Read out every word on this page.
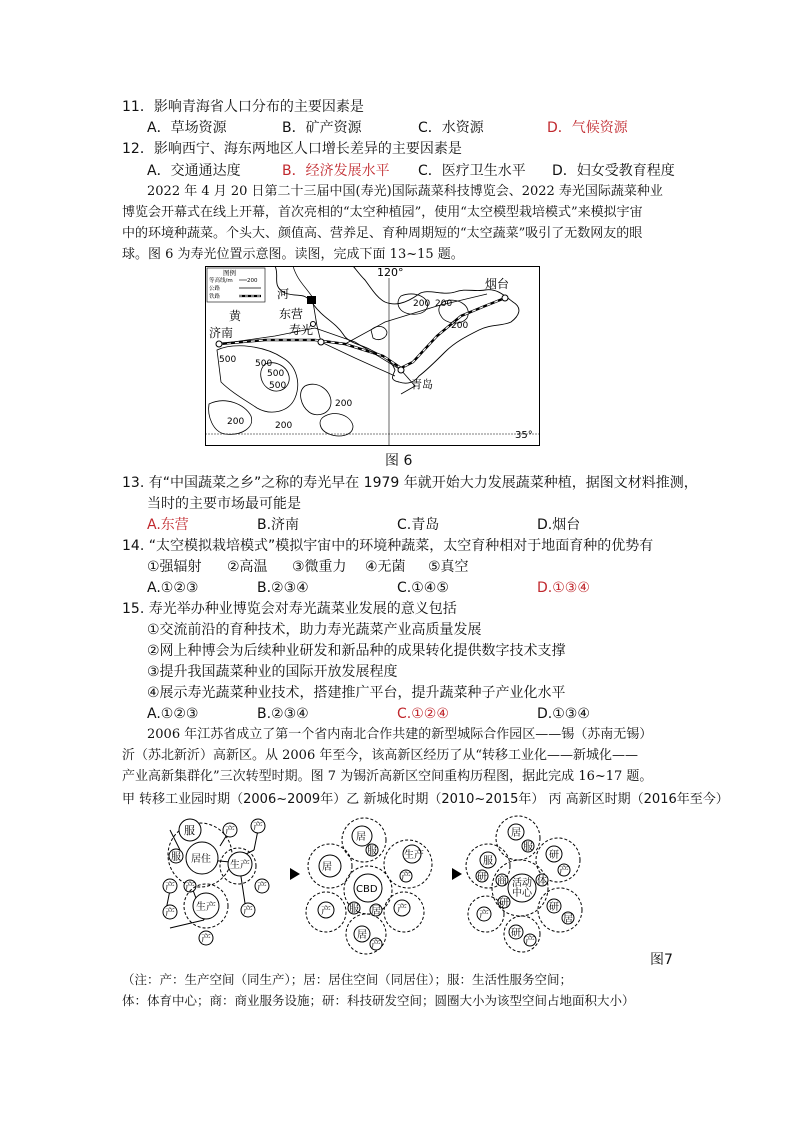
11．影响青海省人口分布的主要因素是
A．草场资源	B．矿产资源	C．水资源	D．气候资源
12．影响西宁、海东两地区人口增长差异的主要因素是
A．交通通达度	B．经济发展水平 C．医疗卫生水平 D．妇女受教育程度
2022 年 4 月 20 日第二十三届中国(寿光)国际蔬菜科技博览会、2022 寿光国际蔬菜种业
博览会开幕式在线上开幕，首次亮相的“太空种植园”，使用“太空模型栽培模式”来模拟宇宙
中的环境种蔬菜。个头大、颜值高、营养足、育种周期短的“太空蔬菜”吸引了无数网友的眼
球。图 6 为寿光位置示意图。读图，完成下面 13~15 题。
图例
等高线/m	200
公路
铁路	河
东营
黄
寿光
济南
烟台
青岛
120°
35°
200 200
200
500 500
500
500
200
200	200
图 6
13. 有“中国蔬菜之乡”之称的寿光早在 1979 年就开始大力发展蔬菜种植，据图文材料推测，
当时的主要市场最可能是
A.东营	B.济南	C.青岛	D.烟台
14. “太空模拟栽培模式”模拟宇宙中的环境种蔬菜，太空育种相对于地面育种的优势有
①强辐射 ②高温 ③微重力 ④无菌 ⑤真空
A.①②③	B.②③④	C.①④⑤	D.①③④
15. 寿光举办种业博览会对寿光蔬菜业发展的意义包括
①交流前沿的育种技术，助力寿光蔬菜产业高质量发展
②网上种博会为后续种业研发和新品种的成果转化提供数字技术支撑
③提升我国蔬菜种业的国际开放发展程度
④展示寿光蔬菜种业技术，搭建推广平台，提升蔬菜种子产业化水平
A.①②③	B.②③④	C.①②④	D.①③④
2006 年江苏省成立了第一个省内南北合作共建的新型城际合作园区——锡（苏南无锡）
沂（苏北新沂）高新区。从 2006 年至今，该高新区经历了从“转移工业化——新城化——
产业高新集群化”三次转型时期。图 7 为锡沂高新区空间重构历程图，据此完成 16~17 题。
甲 转移工业园时期（2006~2009年）乙 新城化时期（2010~2015年） 丙 高新区时期（2016年至今）
服
居住
服
产 产
生产
产 产	产
生产
产	产
产
居
服
居
生产
产
CBD
服 居
产	产
居
产
居
服
服
研
研
产
活动
中心
商	体
研
产
研
居
研
产
图7
（注：产：生产空间（同生产）；居：居住空间（同居住）；服：生活性服务空间；
体：体育中心；商：商业服务设施；研：科技研发空间；圆圈大小为该型空间占地面积大小）
